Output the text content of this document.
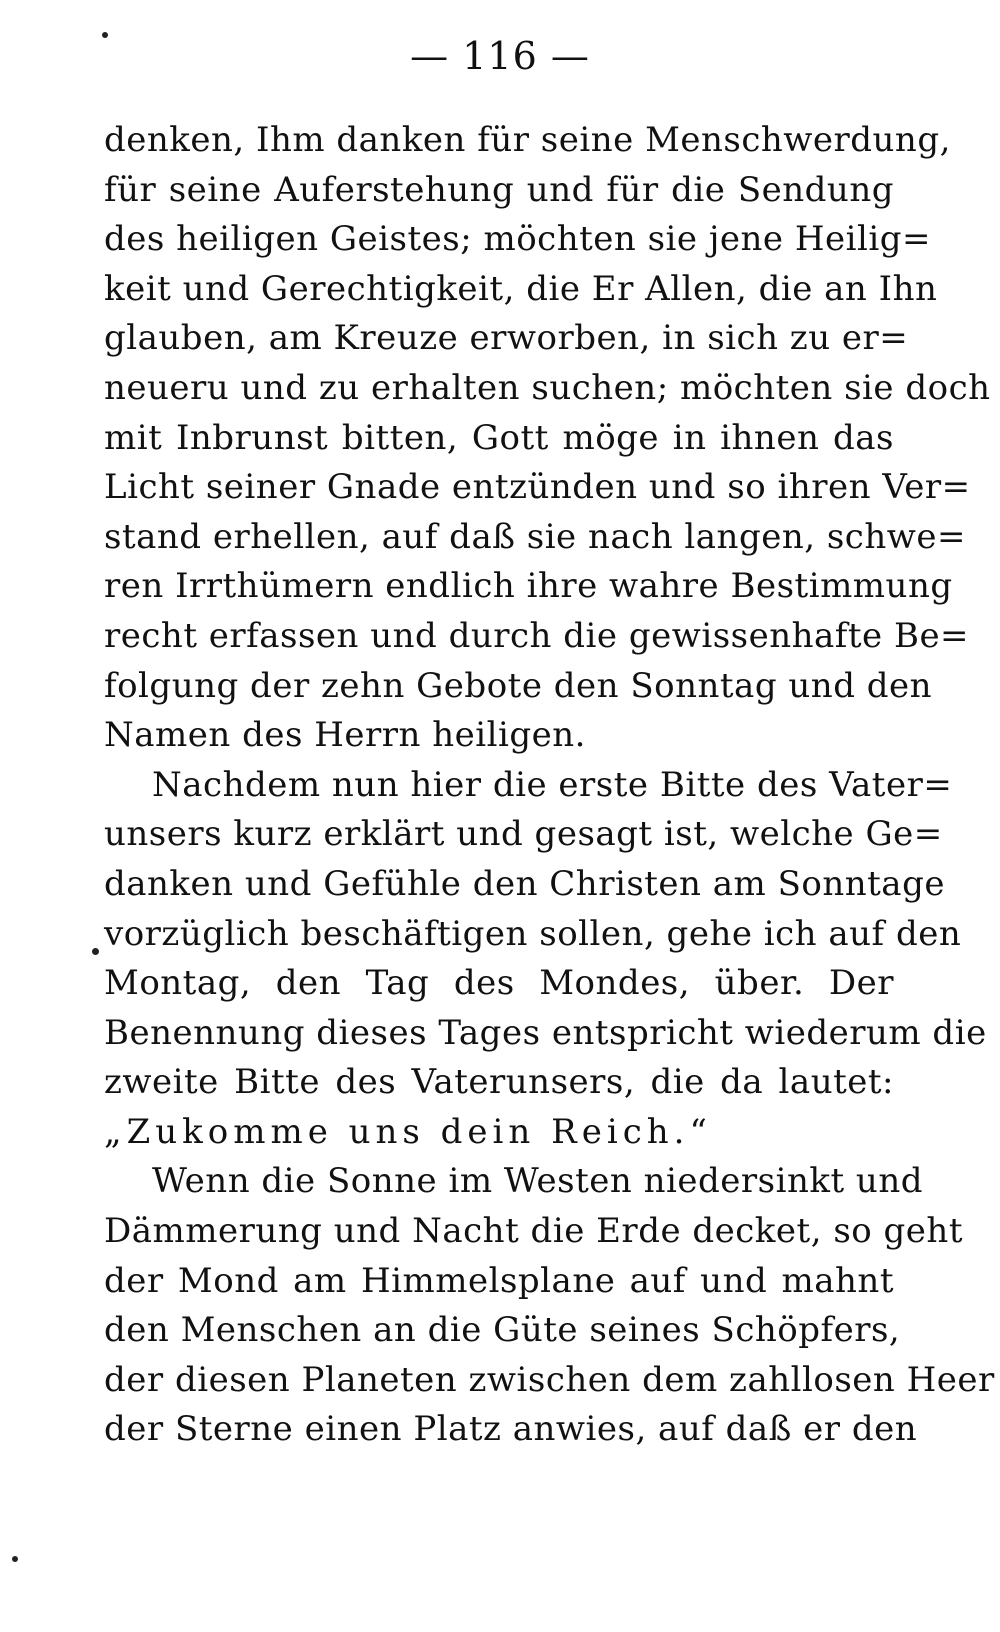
— 116 —
denken, Ihm danken für seine Menschwerdung,
für seine Auferstehung und für die Sendung
des heiligen Geistes; möchten sie jene Heilig=
keit und Gerechtigkeit, die Er Allen, die an Ihn
glauben, am Kreuze erworben, in sich zu er=
neueru und zu erhalten suchen; möchten sie doch
mit Inbrunst bitten, Gott möge in ihnen das
Licht seiner Gnade entzünden und so ihren Ver=
stand erhellen, auf daß sie nach langen, schwe=
ren Irrthümern endlich ihre wahre Bestimmung
recht erfassen und durch die gewissenhafte Be=
folgung der zehn Gebote den Sonntag und den
Namen des Herrn heiligen.
Nachdem nun hier die erste Bitte des Vater=
unsers kurz erklärt und gesagt ist, welche Ge=
danken und Gefühle den Christen am Sonntage
vorzüglich beschäftigen sollen, gehe ich auf den
Montag, den Tag des Mondes, über. Der
Benennung dieses Tages entspricht wiederum die
zweite Bitte des Vaterunsers, die da lautet:
„Zukomme uns dein Reich.“
Wenn die Sonne im Westen niedersinkt und
Dämmerung und Nacht die Erde decket, so geht
der Mond am Himmelsplane auf und mahnt
den Menschen an die Güte seines Schöpfers,
der diesen Planeten zwischen dem zahllosen Heer
der Sterne einen Platz anwies, auf daß er den
